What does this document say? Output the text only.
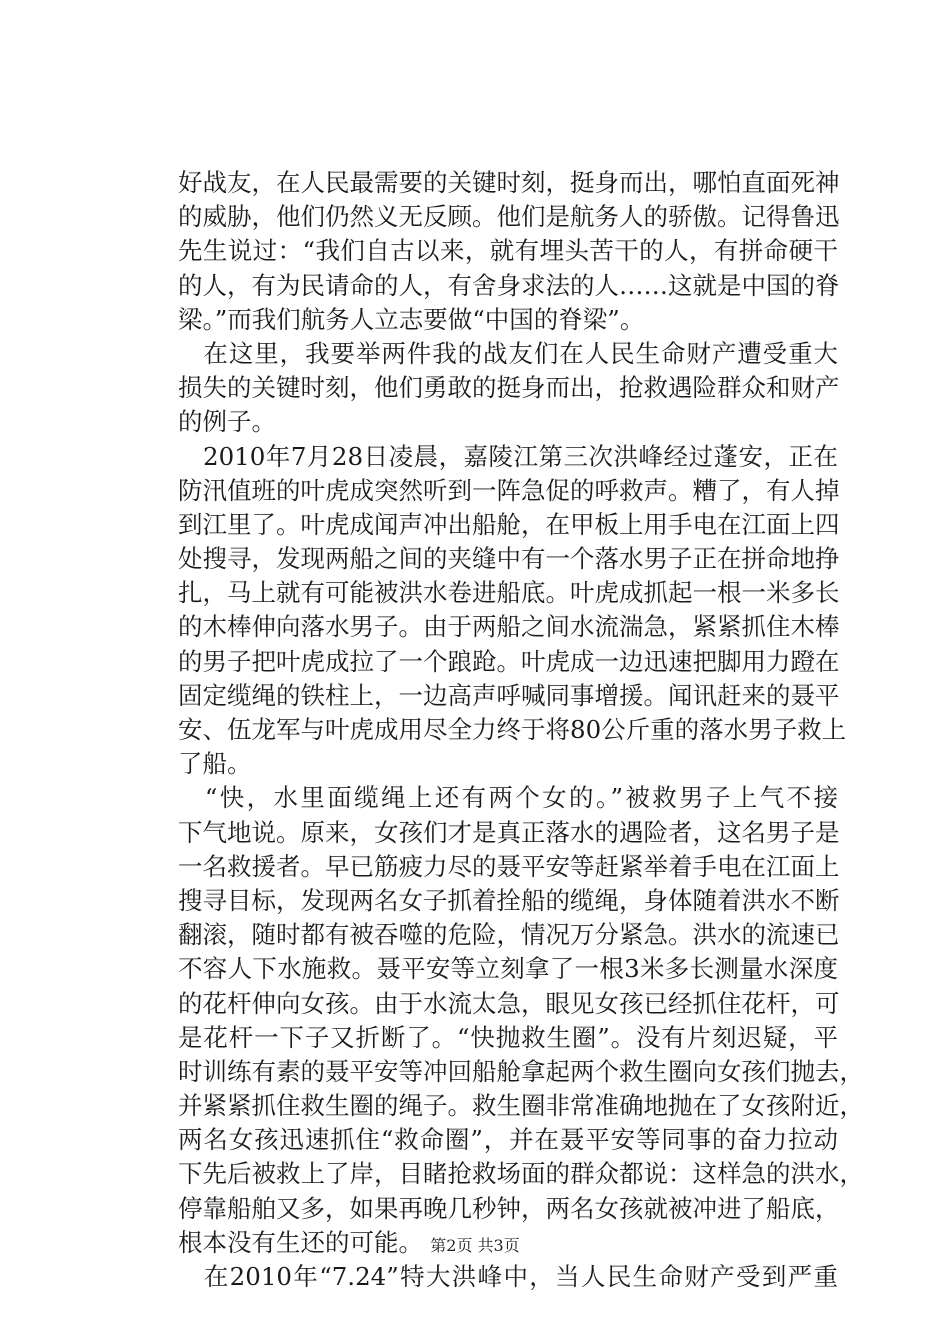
好战友，在人民最需要的关键时刻，挺身而出，哪怕直面死神
的威胁，他们仍然义无反顾。他们是航务人的骄傲。记得鲁迅
先生说过：“我们自古以来，就有埋头苦干的人，有拼命硬干
的人，有为民请命的人，有舍身求法的人……这就是中国的脊
梁。”而我们航务人立志要做“中国的脊梁”。
　在这里，我要举两件我的战友们在人民生命财产遭受重大
损失的关键时刻，他们勇敢的挺身而出，抢救遇险群众和财产
的例子。
　2010年7月28日凌晨，嘉陵江第三次洪峰经过蓬安，正在
防汛值班的叶虎成突然听到一阵急促的呼救声。糟了，有人掉
到江里了。叶虎成闻声冲出船舱，在甲板上用手电在江面上四
处搜寻，发现两船之间的夹缝中有一个落水男子正在拼命地挣
扎，马上就有可能被洪水卷进船底。叶虎成抓起一根一米多长
的木棒伸向落水男子。由于两船之间水流湍急，紧紧抓住木棒
的男子把叶虎成拉了一个踉跄。叶虎成一边迅速把脚用力蹬在
固定缆绳的铁柱上，一边高声呼喊同事增援。闻讯赶来的聂平
安、伍龙军与叶虎成用尽全力终于将80公斤重的落水男子救上
了船。
　“快，水里面缆绳上还有两个女的。”被救男子上气不接
下气地说。原来，女孩们才是真正落水的遇险者，这名男子是
一名救援者。早已筋疲力尽的聂平安等赶紧举着手电在江面上
搜寻目标，发现两名女子抓着拴船的缆绳，身体随着洪水不断
翻滚，随时都有被吞噬的危险，情况万分紧急。洪水的流速已
不容人下水施救。聂平安等立刻拿了一根3米多长测量水深度
的花杆伸向女孩。由于水流太急，眼见女孩已经抓住花杆，可
是花杆一下子又折断了。“快抛救生圈”。没有片刻迟疑，平
时训练有素的聂平安等冲回船舱拿起两个救生圈向女孩们抛去，
并紧紧抓住救生圈的绳子。救生圈非常准确地抛在了女孩附近，
两名女孩迅速抓住“救命圈”，并在聂平安等同事的奋力拉动
下先后被救上了岸，目睹抢救场面的群众都说：这样急的洪水，
停靠船舶又多，如果再晚几秒钟，两名女孩就被冲进了船底，
根本没有生还的可能。
　在2010年“7.24”特大洪峰中，当人民生命财产受到严重
第2页 共3页
